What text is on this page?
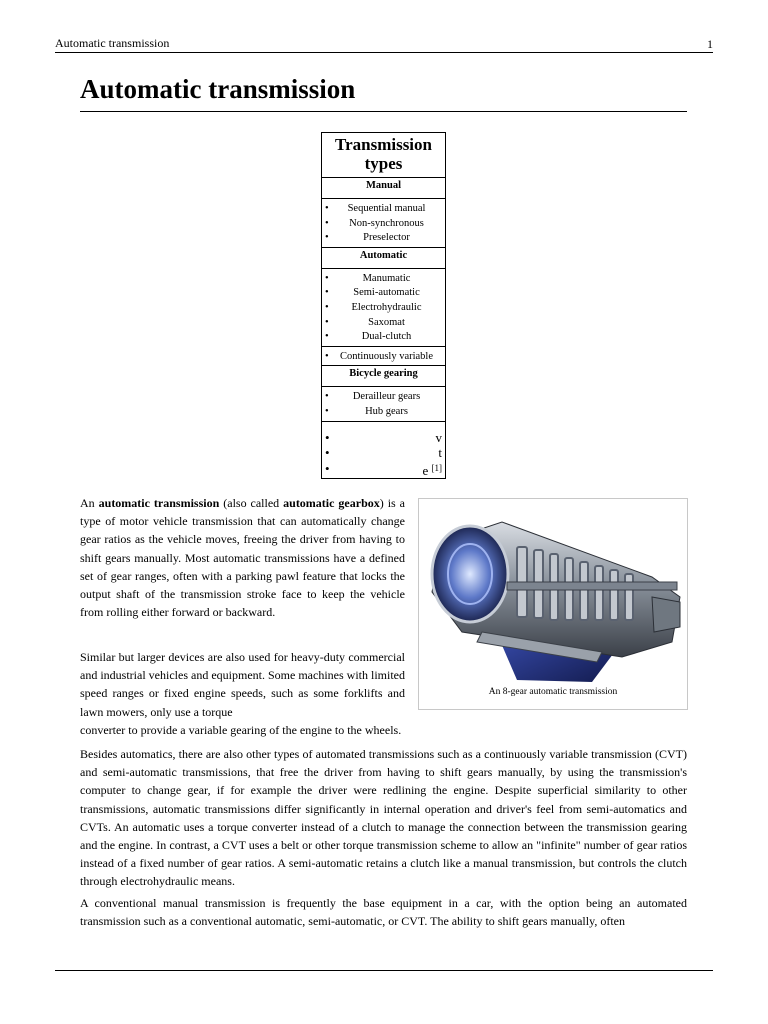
Automatic transmission	1
Automatic transmission
Transmission types
Manual
• Sequential manual
• Non-synchronous
• Preselector
Automatic
• Manumatic
• Semi-automatic
• Electrohydraulic
• Saxomat
• Dual-clutch
• Continuously variable
Bicycle gearing
• Derailleur gears
• Hub gears
• v
• t
• e [1]
An 8-gear automatic transmission

An automatic transmission (also called automatic gearbox) is a type of motor vehicle transmission that can automatically change gear ratios as the vehicle moves, freeing the driver from having to shift gears manually. Most automatic transmissions have a defined set of gear ranges, often with a parking pawl feature that locks the output shaft of the transmission stroke face to keep the vehicle from rolling either forward or backward.

Similar but larger devices are also used for heavy-duty commercial and industrial vehicles and equipment. Some machines with limited speed ranges or fixed engine speeds, such as some forklifts and lawn mowers, only use a torque

converter to provide a variable gearing of the engine to the wheels.

Besides automatics, there are also other types of automated transmissions such as a continuously variable transmission (CVT) and semi-automatic transmissions, that free the driver from having to shift gears manually, by using the transmission's computer to change gear, if for example the driver were redlining the engine. Despite superficial similarity to other transmissions, automatic transmissions differ significantly in internal operation and driver's feel from semi-automatics and CVTs. An automatic uses a torque converter instead of a clutch to manage the connection between the transmission gearing and the engine. In contrast, a CVT uses a belt or other torque transmission scheme to allow an "infinite" number of gear ratios instead of a fixed number of gear ratios. A semi-automatic retains a clutch like a manual transmission, but controls the clutch through electrohydraulic means.

A conventional manual transmission is frequently the base equipment in a car, with the option being an automated transmission such as a conventional automatic, semi-automatic, or CVT. The ability to shift gears manually, often
